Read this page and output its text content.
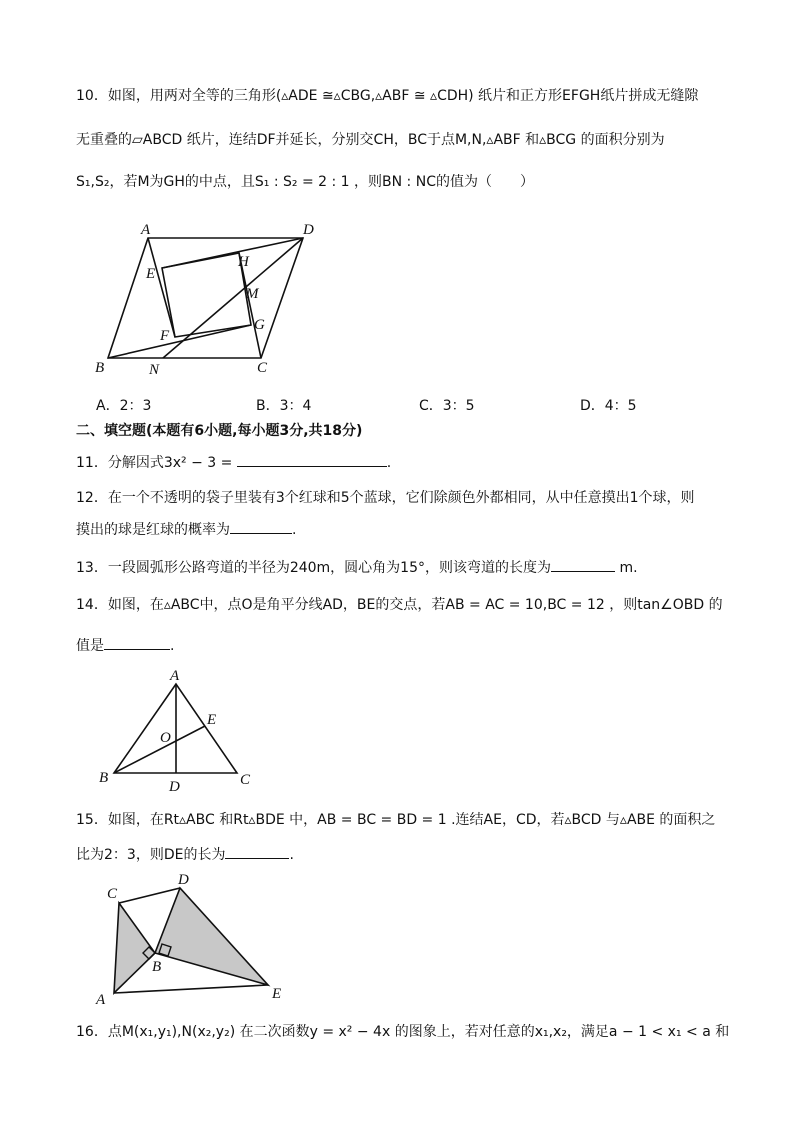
10．如图，用两对全等的三角形(▵ADE ≅▵CBG,▵ABF ≅ ▵CDH) 纸片和正方形EFGH纸片拼成无缝隙
无重叠的▱ABCD 纸片，连结DF并延长，分别交CH，BC于点M,N,▵ABF 和▵BCG 的面积分别为
S₁,S₂，若M为GH的中点，且S₁ : S₂ = 2 : 1 ，则BN : NC的值为（　　）
A	D
E
H
M
F
G
B	N	C
A．2：3	B．3：4	C．3：5	D．4：5
二、填空题(本题有6小题,每小题3分,共18分)
11．分解因式3x² − 3 =	.
12．在一个不透明的袋子里装有3个红球和5个蓝球，它们除颜色外都相同，从中任意摸出1个球，则
摸出的球是红球的概率为	.
13．一段圆弧形公路弯道的半径为240m，圆心角为15°，则该弯道的长度为	m.
14．如图，在▵ABC中，点O是角平分线AD，BE的交点，若AB = AC = 10,BC = 12 ，则tan∠OBD 的
值是	.
A
E
O
B
D	C
15．如图，在Rt▵ABC 和Rt▵BDE 中，AB = BC = BD = 1 .连结AE，CD，若▵BCD 与▵ABE 的面积之
比为2：3，则DE的长为	.
C
D
B
A	E
16．点M(x₁,y₁),N(x₂,y₂) 在二次函数y = x² − 4x 的图象上，若对任意的x₁,x₂，满足a − 1 < x₁ < a 和
